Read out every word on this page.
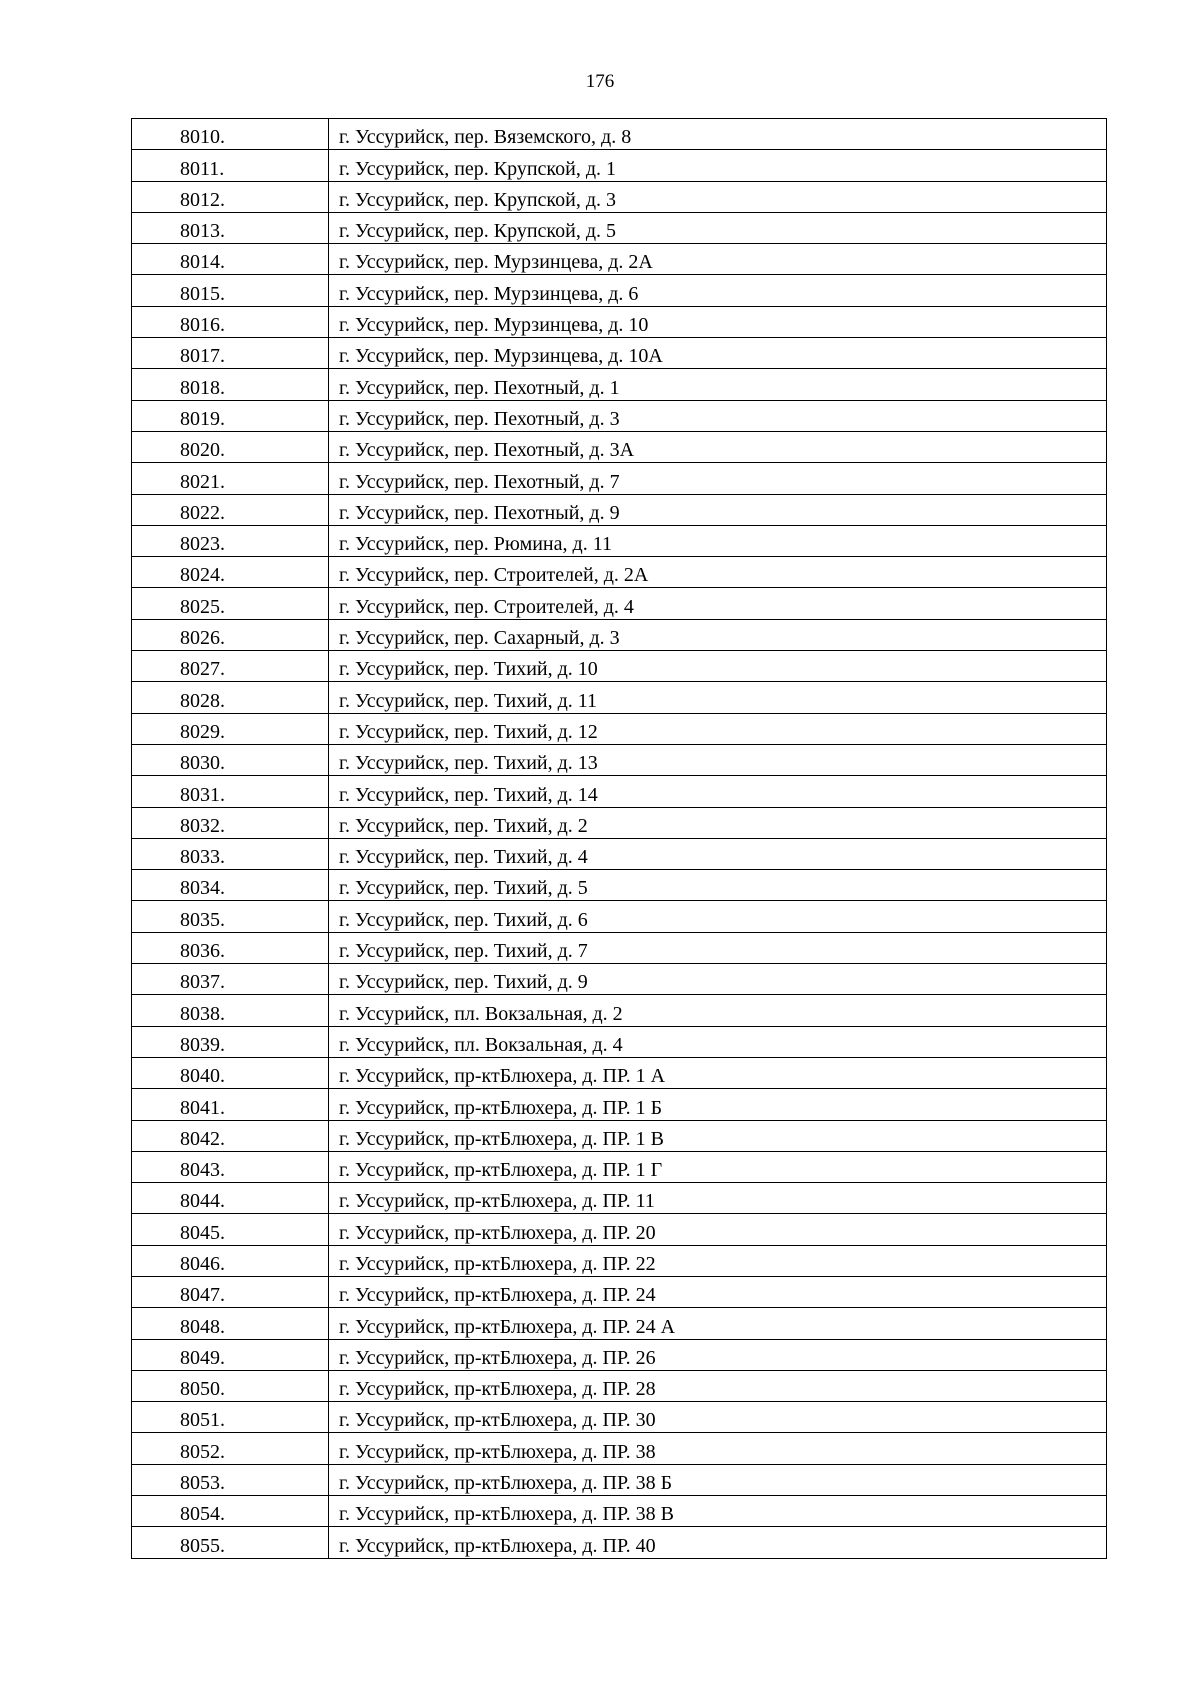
176
8010.	г. Уссурийск, пер. Вяземского, д. 8
8011.	г. Уссурийск, пер. Крупской, д. 1
8012.	г. Уссурийск, пер. Крупской, д. 3
8013.	г. Уссурийск, пер. Крупской, д. 5
8014.	г. Уссурийск, пер. Мурзинцева, д. 2А
8015.	г. Уссурийск, пер. Мурзинцева, д. 6
8016.	г. Уссурийск, пер. Мурзинцева, д. 10
8017.	г. Уссурийск, пер. Мурзинцева, д. 10А
8018.	г. Уссурийск, пер. Пехотный, д. 1
8019.	г. Уссурийск, пер. Пехотный, д. 3
8020.	г. Уссурийск, пер. Пехотный, д. 3А
8021.	г. Уссурийск, пер. Пехотный, д. 7
8022.	г. Уссурийск, пер. Пехотный, д. 9
8023.	г. Уссурийск, пер. Рюмина, д. 11
8024.	г. Уссурийск, пер. Строителей, д. 2А
8025.	г. Уссурийск, пер. Строителей, д. 4
8026.	г. Уссурийск, пер. Сахарный, д. 3
8027.	г. Уссурийск, пер. Тихий, д. 10
8028.	г. Уссурийск, пер. Тихий, д. 11
8029.	г. Уссурийск, пер. Тихий, д. 12
8030.	г. Уссурийск, пер. Тихий, д. 13
8031.	г. Уссурийск, пер. Тихий, д. 14
8032.	г. Уссурийск, пер. Тихий, д. 2
8033.	г. Уссурийск, пер. Тихий, д. 4
8034.	г. Уссурийск, пер. Тихий, д. 5
8035.	г. Уссурийск, пер. Тихий, д. 6
8036.	г. Уссурийск, пер. Тихий, д. 7
8037.	г. Уссурийск, пер. Тихий, д. 9
8038.	г. Уссурийск, пл. Вокзальная, д. 2
8039.	г. Уссурийск, пл. Вокзальная, д. 4
8040.	г. Уссурийск, пр-ктБлюхера, д. ПР. 1 А
8041.	г. Уссурийск, пр-ктБлюхера, д. ПР. 1 Б
8042.	г. Уссурийск, пр-ктБлюхера, д. ПР. 1 В
8043.	г. Уссурийск, пр-ктБлюхера, д. ПР. 1 Г
8044.	г. Уссурийск, пр-ктБлюхера, д. ПР. 11
8045.	г. Уссурийск, пр-ктБлюхера, д. ПР. 20
8046.	г. Уссурийск, пр-ктБлюхера, д. ПР. 22
8047.	г. Уссурийск, пр-ктБлюхера, д. ПР. 24
8048.	г. Уссурийск, пр-ктБлюхера, д. ПР. 24 А
8049.	г. Уссурийск, пр-ктБлюхера, д. ПР. 26
8050.	г. Уссурийск, пр-ктБлюхера, д. ПР. 28
8051.	г. Уссурийск, пр-ктБлюхера, д. ПР. 30
8052.	г. Уссурийск, пр-ктБлюхера, д. ПР. 38
8053.	г. Уссурийск, пр-ктБлюхера, д. ПР. 38 Б
8054.	г. Уссурийск, пр-ктБлюхера, д. ПР. 38 В
8055.	г. Уссурийск, пр-ктБлюхера, д. ПР. 40
